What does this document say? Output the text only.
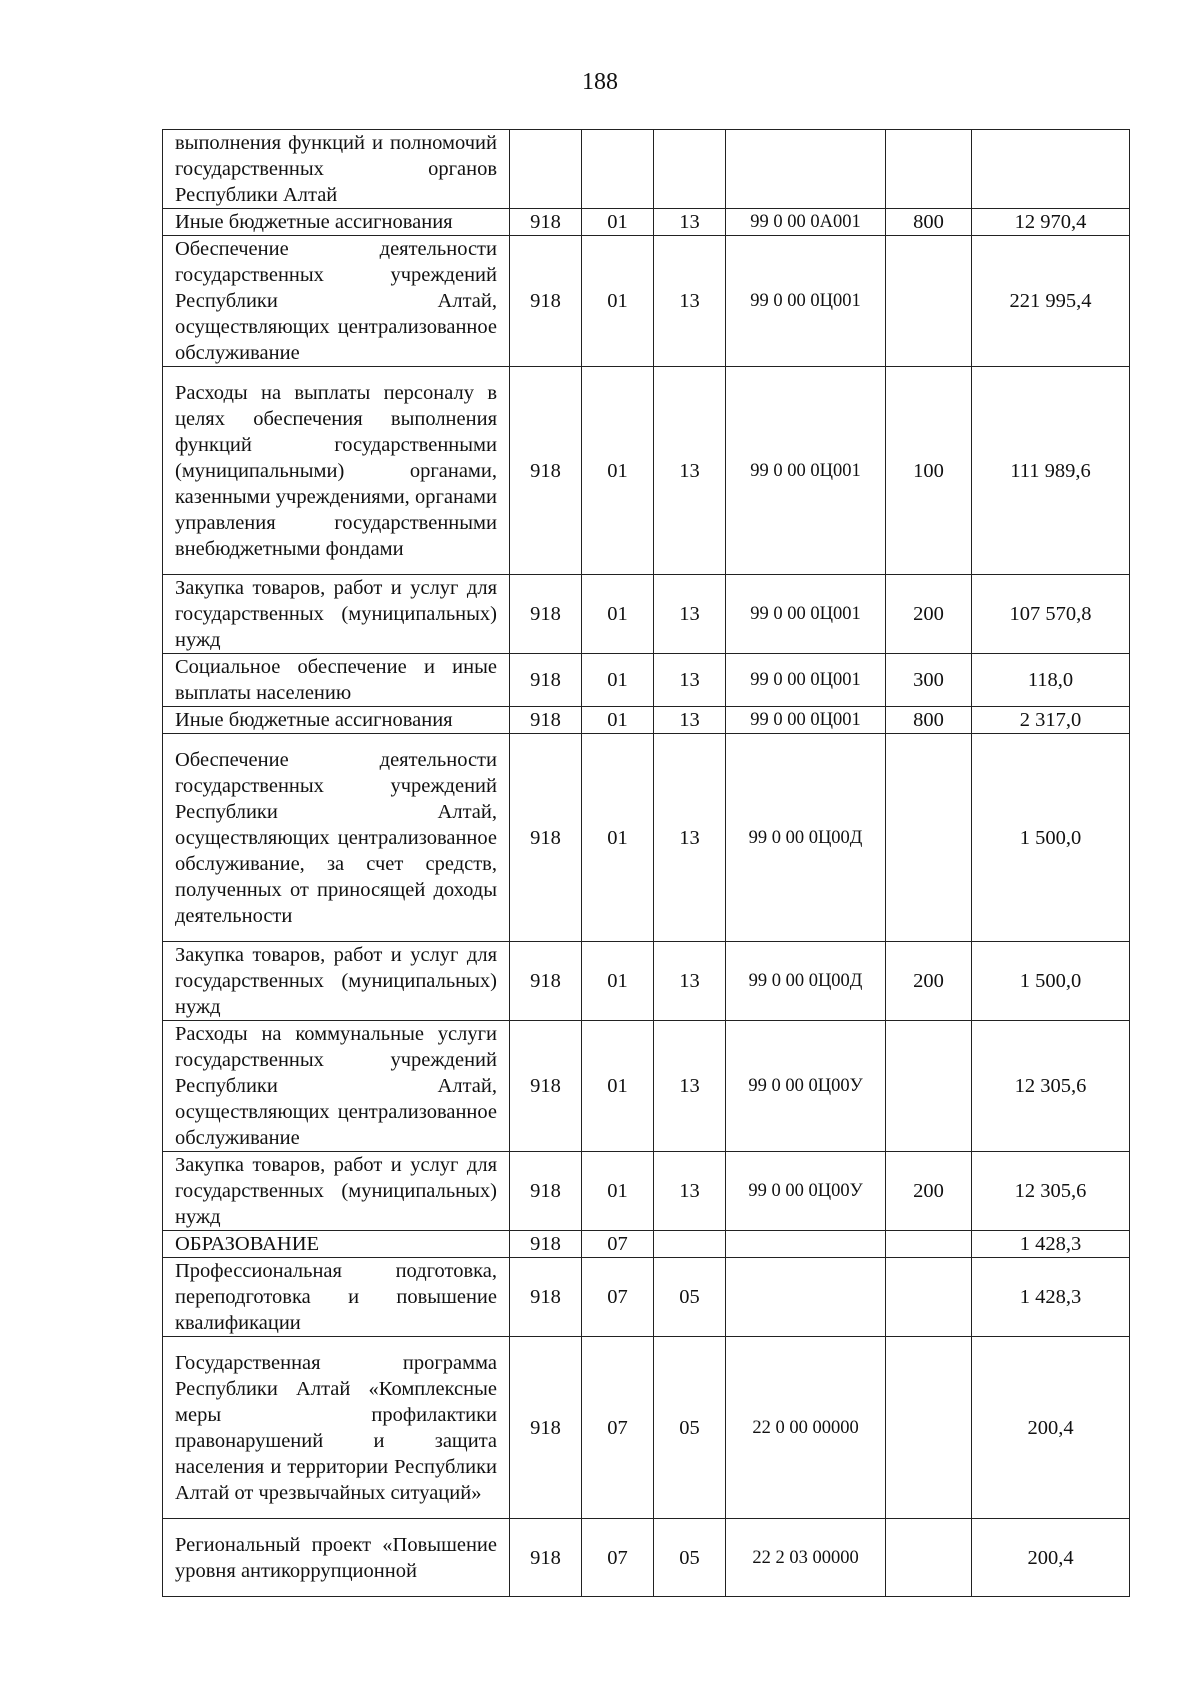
188
выполнения функций и полномочий государственных органов Республики Алтай						
Иные бюджетные ассигнования	918	01	13	99 0 00 0А001	800	12 970,4
Обеспечение деятельности государственных учреждений Республики Алтай, осуществляющих централизованное обслуживание	918	01	13	99 0 00 0Ц001		221 995,4
Расходы на выплаты персоналу в целях обеспечения выполнения функций государственными (муниципальными) органами, казенными учреждениями, органами управления государственными внебюджетными фондами	918	01	13	99 0 00 0Ц001	100	111 989,6
Закупка товаров, работ и услуг для государственных (муниципальных) нужд	918	01	13	99 0 00 0Ц001	200	107 570,8
Социальное обеспечение и иные выплаты населению	918	01	13	99 0 00 0Ц001	300	118,0
Иные бюджетные ассигнования	918	01	13	99 0 00 0Ц001	800	2 317,0
Обеспечение деятельности государственных учреждений Республики Алтай, осуществляющих централизованное обслуживание, за счет средств, полученных от приносящей доходы деятельности	918	01	13	99 0 00 0Ц00Д		1 500,0
Закупка товаров, работ и услуг для государственных (муниципальных) нужд	918	01	13	99 0 00 0Ц00Д	200	1 500,0
Расходы на коммунальные услуги государственных учреждений Республики Алтай, осуществляющих централизованное обслуживание	918	01	13	99 0 00 0Ц00У		12 305,6
Закупка товаров, работ и услуг для государственных (муниципальных) нужд	918	01	13	99 0 00 0Ц00У	200	12 305,6
ОБРАЗОВАНИЕ	918	07				1 428,3
Профессиональная подготовка, переподготовка и повышение квалификации	918	07	05			1 428,3
Государственная программа Республики Алтай «Комплексные меры профилактики правонарушений и защита населения и территории Республики Алтай от чрезвычайных ситуаций»	918	07	05	22 0 00 00000		200,4
Региональный проект «Повышение уровня антикоррупционной	918	07	05	22 2 03 00000		200,4
